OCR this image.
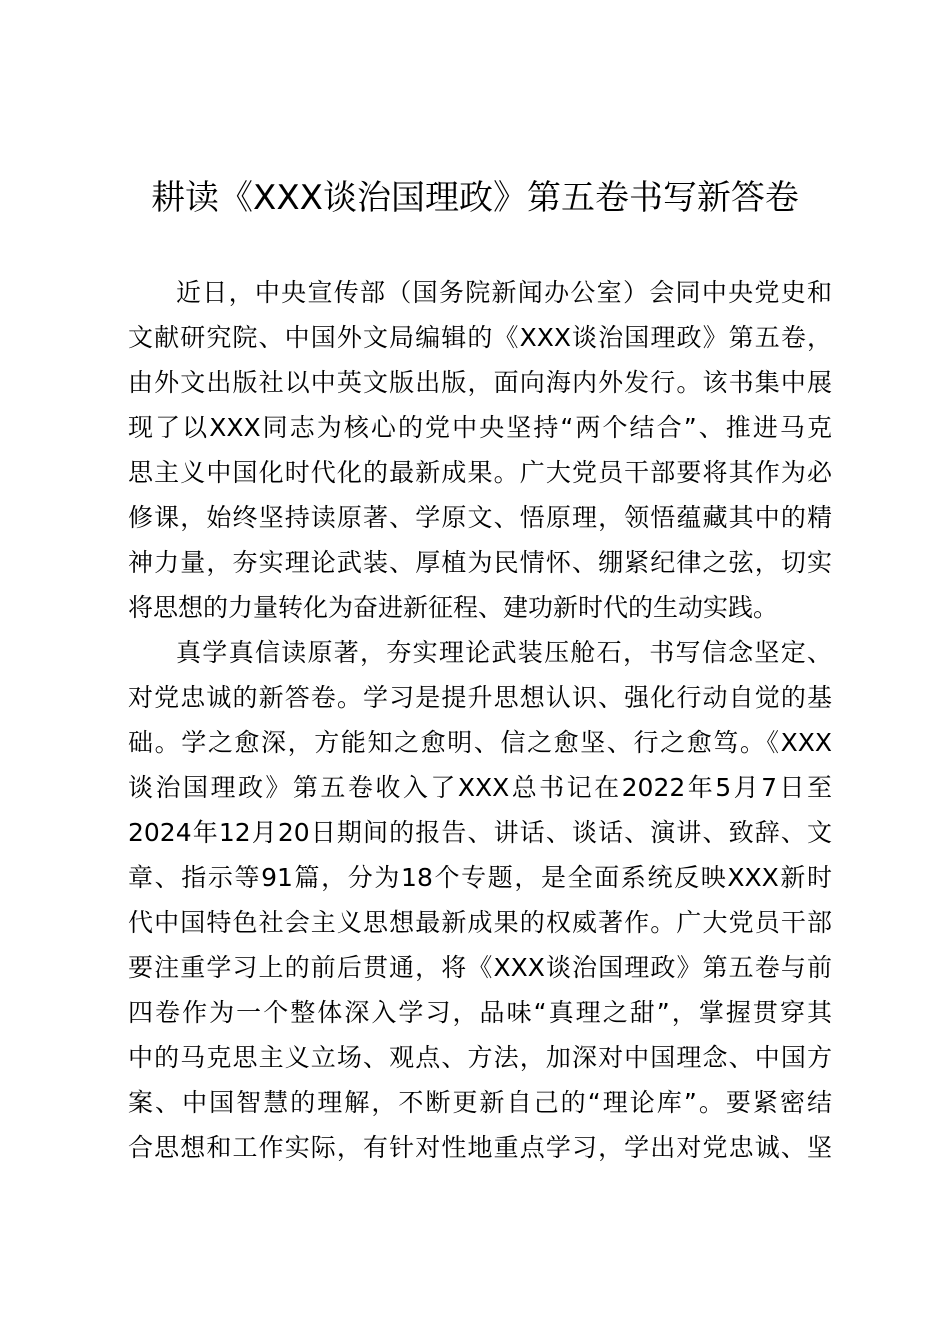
耕读《XXX谈治国理政》第五卷书写新答卷
近日，中央宣传部（国务院新闻办公室）会同中央党史和
文献研究院、中国外文局编辑的《XXX谈治国理政》第五卷，
由外文出版社以中英文版出版，面向海内外发行。该书集中展
现了以XXX同志为核心的党中央坚持“两个结合”、推进马克
思主义中国化时代化的最新成果。广大党员干部要将其作为必
修课，始终坚持读原著、学原文、悟原理，领悟蕴藏其中的精
神力量，夯实理论武装、厚植为民情怀、绷紧纪律之弦，切实
将思想的力量转化为奋进新征程、建功新时代的生动实践。
真学真信读原著，夯实理论武装压舱石，书写信念坚定、
对党忠诚的新答卷。学习是提升思想认识、强化行动自觉的基
础。学之愈深，方能知之愈明、信之愈坚、行之愈笃。《XXX
谈治国理政》第五卷收入了XXX总书记在2022年5月7日至
2024年12月20日期间的报告、讲话、谈话、演讲、致辞、文
章、指示等91篇，分为18个专题，是全面系统反映XXX新时
代中国特色社会主义思想最新成果的权威著作。广大党员干部
要注重学习上的前后贯通，将《XXX谈治国理政》第五卷与前
四卷作为一个整体深入学习，品味“真理之甜”，掌握贯穿其
中的马克思主义立场、观点、方法，加深对中国理念、中国方
案、中国智慧的理解，不断更新自己的“理论库”。要紧密结
合思想和工作实际，有针对性地重点学习，学出对党忠诚、坚
